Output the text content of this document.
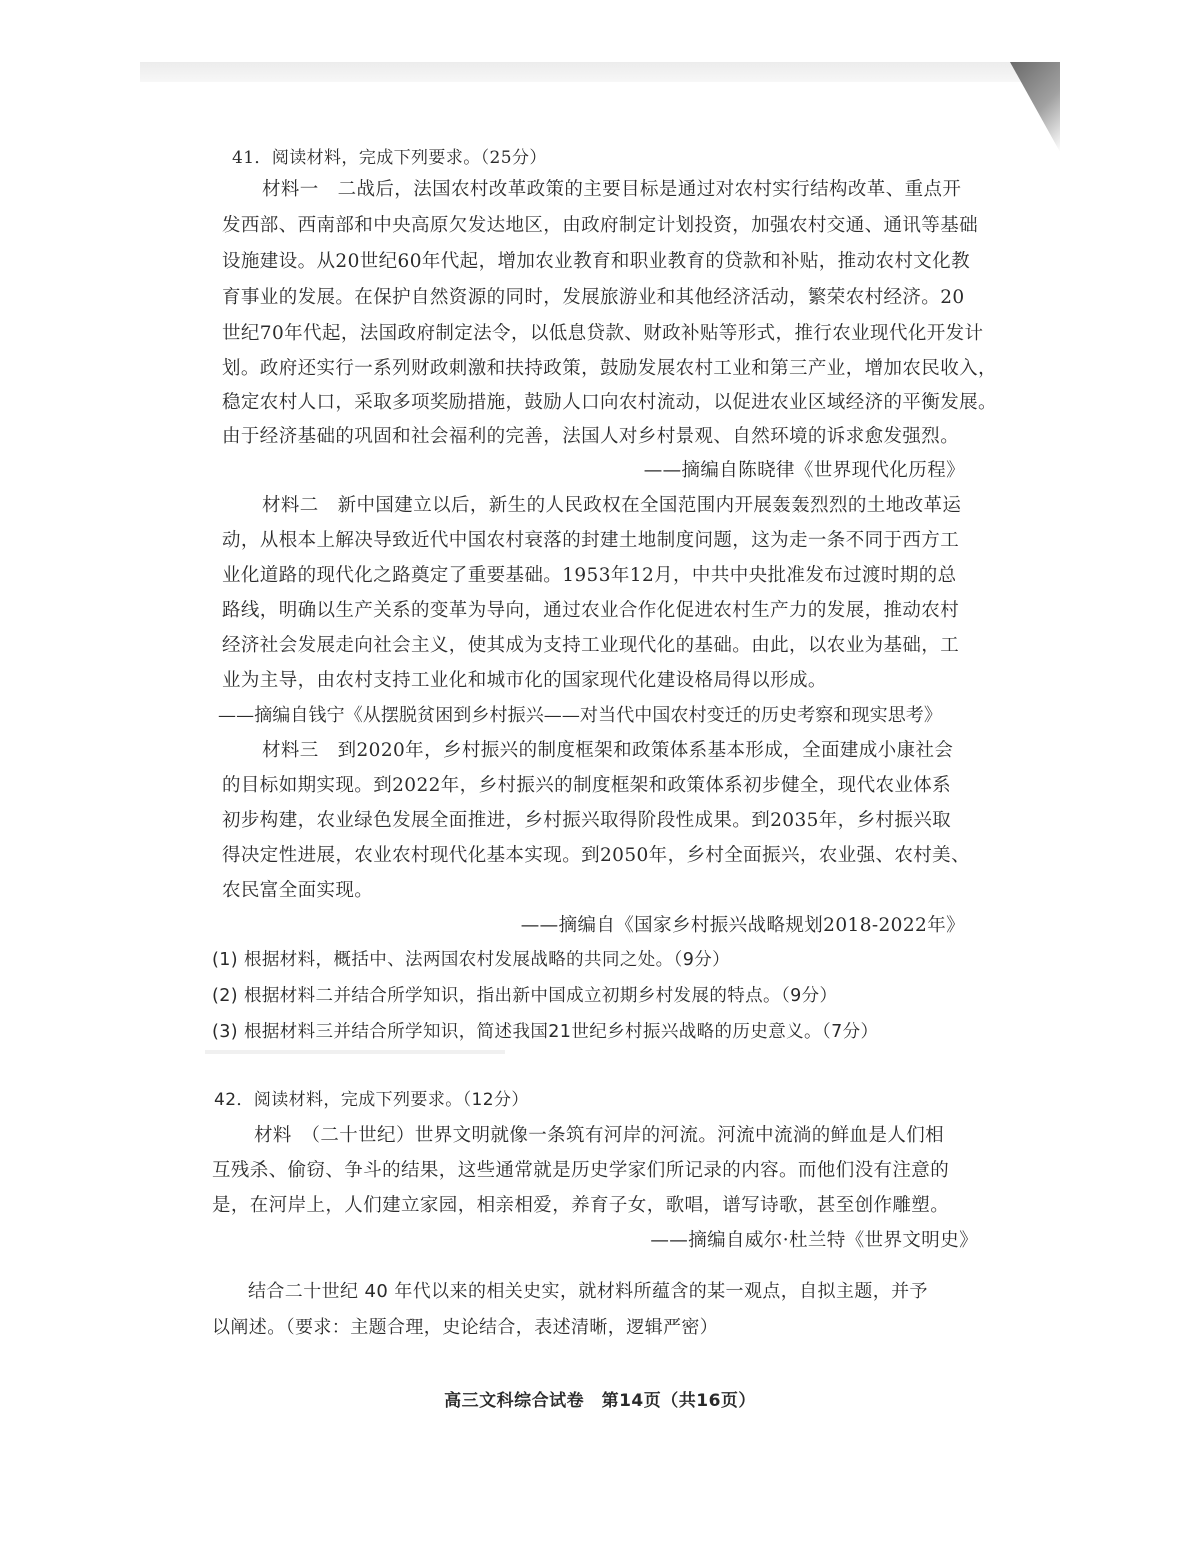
41．阅读材料，完成下列要求。（25分）
材料一　二战后，法国农村改革政策的主要目标是通过对农村实行结构改革、重点开
发西部、西南部和中央高原欠发达地区，由政府制定计划投资，加强农村交通、通讯等基础
设施建设。从20世纪60年代起，增加农业教育和职业教育的贷款和补贴，推动农村文化教
育事业的发展。在保护自然资源的同时，发展旅游业和其他经济活动，繁荣农村经济。20
世纪70年代起，法国政府制定法令，以低息贷款、财政补贴等形式，推行农业现代化开发计
划。政府还实行一系列财政刺激和扶持政策，鼓励发展农村工业和第三产业，增加农民收入，
稳定农村人口，采取多项奖励措施，鼓励人口向农村流动，以促进农业区域经济的平衡发展。
由于经济基础的巩固和社会福利的完善，法国人对乡村景观、自然环境的诉求愈发强烈。
——摘编自陈晓律《世界现代化历程》
材料二　新中国建立以后，新生的人民政权在全国范围内开展轰轰烈烈的土地改革运
动，从根本上解决导致近代中国农村衰落的封建土地制度问题，这为走一条不同于西方工
业化道路的现代化之路奠定了重要基础。1953年12月，中共中央批准发布过渡时期的总
路线，明确以生产关系的变革为导向，通过农业合作化促进农村生产力的发展，推动农村
经济社会发展走向社会主义，使其成为支持工业现代化的基础。由此，以农业为基础，工
业为主导，由农村支持工业化和城市化的国家现代化建设格局得以形成。
——摘编自钱宁《从摆脱贫困到乡村振兴——对当代中国农村变迁的历史考察和现实思考》
材料三　到2020年，乡村振兴的制度框架和政策体系基本形成，全面建成小康社会
的目标如期实现。到2022年，乡村振兴的制度框架和政策体系初步健全，现代农业体系
初步构建，农业绿色发展全面推进，乡村振兴取得阶段性成果。到2035年，乡村振兴取
得决定性进展，农业农村现代化基本实现。到2050年，乡村全面振兴，农业强、农村美、
农民富全面实现。
——摘编自《国家乡村振兴战略规划2018-2022年》
(1) 根据材料，概括中、法两国农村发展战略的共同之处。（9分）
(2) 根据材料二并结合所学知识，指出新中国成立初期乡村发展的特点。（9分）
(3) 根据材料三并结合所学知识，简述我国21世纪乡村振兴战略的历史意义。（7分）
42．阅读材料，完成下列要求。（12分）
材料　（二十世纪）世界文明就像一条筑有河岸的河流。河流中流淌的鲜血是人们相
互残杀、偷窃、争斗的结果，这些通常就是历史学家们所记录的内容。而他们没有注意的
是，在河岸上，人们建立家园，相亲相爱，养育子女，歌唱，谱写诗歌，甚至创作雕塑。
——摘编自威尔·杜兰特《世界文明史》
结合二十世纪 40 年代以来的相关史实，就材料所蕴含的某一观点，自拟主题，并予
以阐述。（要求：主题合理，史论结合，表述清晰，逻辑严密）
高三文科综合试卷　第14页（共16页）
